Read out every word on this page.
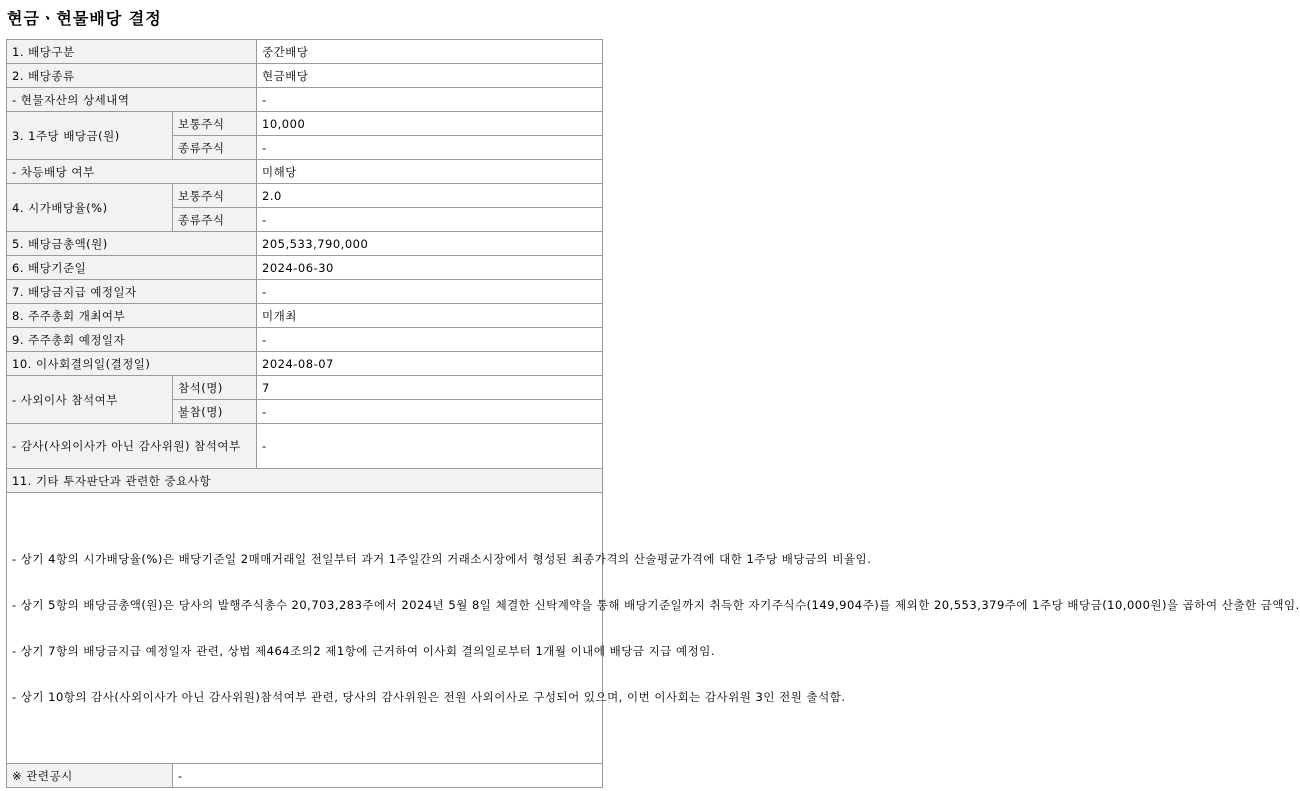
현금ㆍ현물배당 결정
1. 배당구분		중간배당
2. 배당종류		현금배당
- 현물자산의 상세내역		-
3. 1주당 배당금(원)	보통주식	10,000
	종류주식	-
- 차등배당 여부		미해당
4. 시가배당율(%)	보통주식	2.0
	종류주식	-
5. 배당금총액(원)		205,533,790,000
6. 배당기준일		2024-06-30
7. 배당금지급 예정일자		-
8. 주주총회 개최여부		미개최
9. 주주총회 예정일자		-
10. 이사회결의일(결정일)		2024-08-07
- 사외이사 참석여부	참석(명)	7
	불참(명)	-
- 감사(사외이사가 아닌 감사위원) 참석여부		-
11. 기타 투자판단과 관련한 중요사항		

- 상기 4항의 시가배당율(%)은 배당기준일 2매매거래일 전일부터 과거 1주일간의 거래소시장에서 형성된 최종가격의 산술평균가격에 대한 1주당 배당금의 비율임.

- 상기 5항의 배당금총액(원)은 당사의 발행주식총수 20,703,283주에서 2024년 5월 8일 체결한 신탁계약을 통해 배당기준일까지 취득한 자기주식수(149,904주)를 제외한 20,553,379주에 1주당 배당금(10,000원)을 곱하여 산출한 금액임.

- 상기 7항의 배당금지급 예정일자 관련, 상법 제464조의2 제1항에 근거하여 이사회 결의일로부터 1개월 이내에 배당금 지급 예정임.

- 상기 10항의 감사(사외이사가 아닌 감사위원)참석여부 관련, 당사의 감사위원은 전원 사외이사로 구성되어 있으며, 이번 이사회는 감사위원 3인 전원 출석함.		

※ 관련공시	-	
